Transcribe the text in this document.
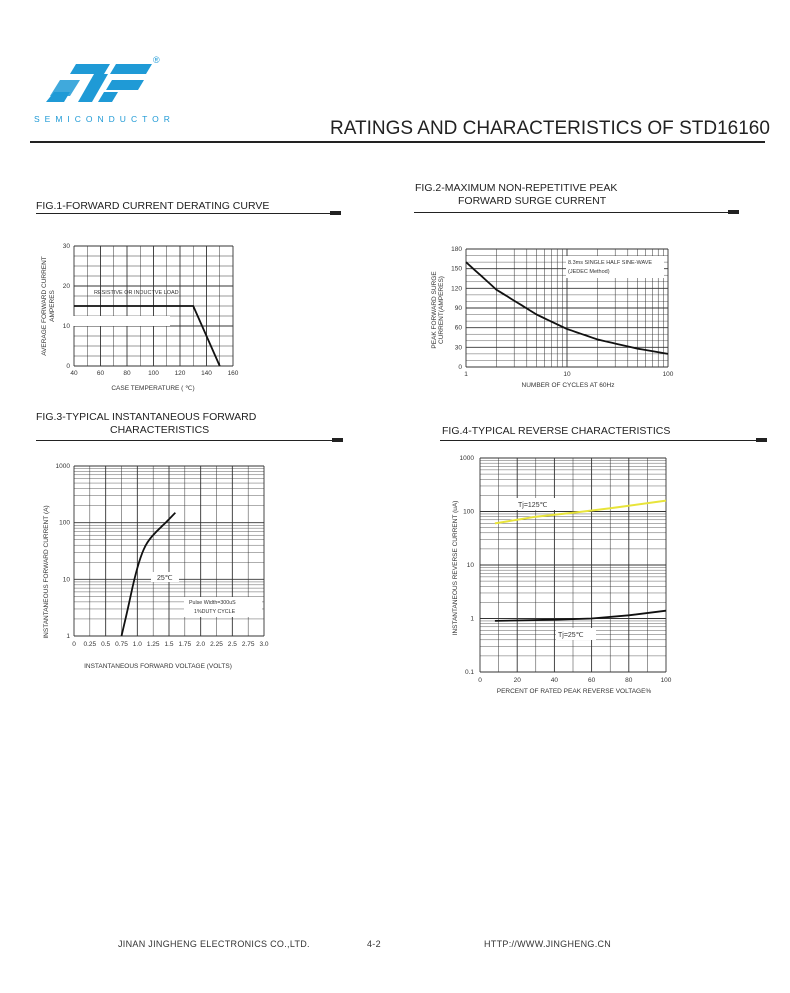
®
SEMICONDUCTOR	RATINGS AND CHARACTERISTICS OF STD16160
FIG.1-FORWARD CURRENT DERATING CURVE
FIG.2-MAXIMUM NON-REPETITIVE PEAK
FORWARD SURGE CURRENT
FIG.3-TYPICAL INSTANTANEOUS FORWARD
CHARACTERISTICS	FIG.4-TYPICAL REVERSE CHARACTERISTICS
40	60	80	100 120 140 160
0
10
20
30
RESISTIVE OR INDUCTVE LOAD
AVERAGE FORWARD CURRENT AMPERES
CASE TEMPERATURE ( ℃)
1	10	100
0
30
60
90
120
150
180
8.3ms SINGLE HALF SINE-WAVE
(JEDEC Method)
PEAK FORWARD SURGE CURRENT(AMPERES)
NUMBER OF CYCLES AT 60Hz
0 0.25 0.5 0.75 1.0 1.25 1.5 1.75 2.0 2.25 2.5 2.75 3.0
1
10
100
1000
25℃
Pulse Width=300uS
1%DUTY CYCLE
INSTANTANEOUS FORWARD CURRENT (A)
INSTANTANEOUS FORWARD VOLTAGE (VOLTS)
0	20	40	60	80	100
0.1
1
10
100
1000
Tj=125℃
Tj=25℃
INSTANTANEOUS REVERSE CURRENT (uA)
PERCENT OF RATED PEAK REVERSE VOLTAGE%
JINAN JINGHENG ELECTRONICS CO.,LTD.	4-2	HTTP://WWW.JINGHENG.CN
